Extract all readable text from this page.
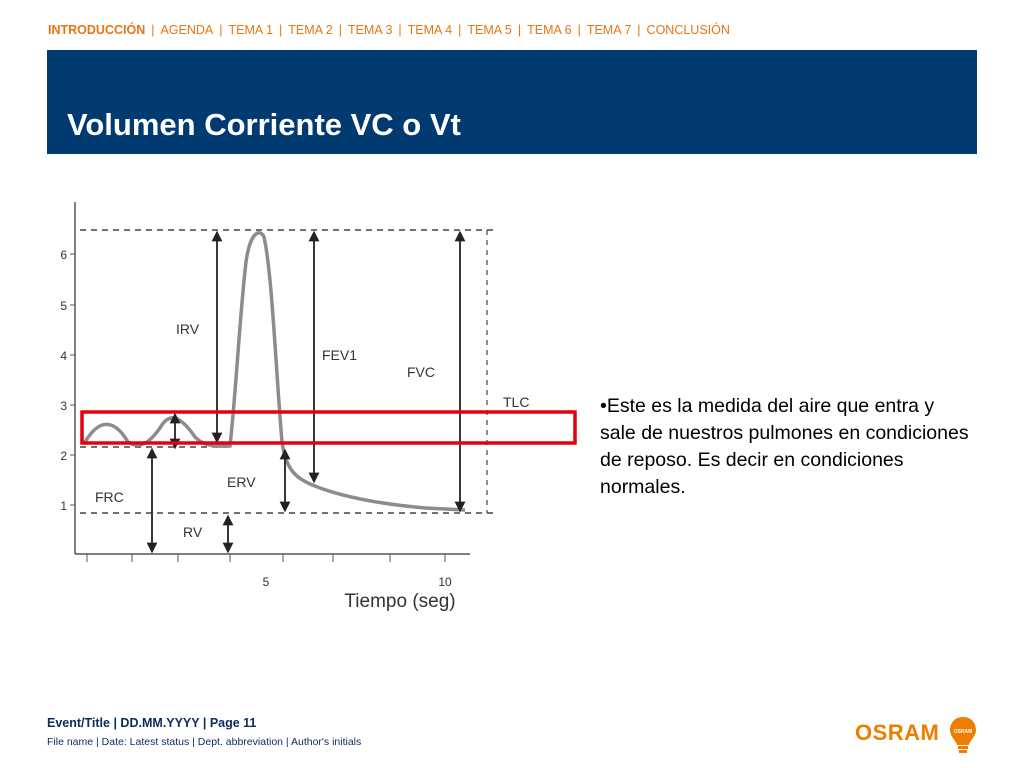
INTRODUCCIÓN | AGENDA | TEMA 1 | TEMA 2 | TEMA 3 | TEMA 4 | TEMA 5 | TEMA 6 | TEMA 7 | CONCLUSIÓN
Volumen Corriente VC o Vt
1
2
3
4
5
6
5	10
Tiempo (seg)
IRV
FEV1
FVC
TLC
ERV
FRC
RV
•Este es la medida del aire que entra y sale de nuestros pulmones en condiciones de reposo. Es decir en condiciones normales.
Event/Title | DD.MM.YYYY | Page 11
File name | Date: Latest status | Dept. abbreviation | Author's initials	OSRAM	OSRAM
